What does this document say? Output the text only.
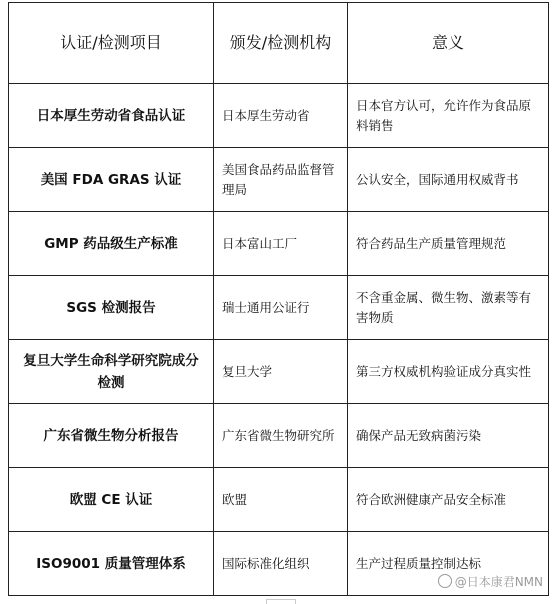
认证/检测项目	颁发/检测机构	意义
日本厚生劳动省食品认证	日本厚生劳动省	日本官方认可，允许作为食品原料销售
美国 FDA GRAS 认证	美国食品药品监督管理局	公认安全，国际通用权威背书
GMP 药品级生产标准	日本富山工厂	符合药品生产质量管理规范
SGS 检测报告	瑞士通用公证行	不含重金属、微生物、激素等有害物质
复旦大学生命科学研究院成分检测	复旦大学	第三方权威机构验证成分真实性
广东省微生物分析报告	广东省微生物研究所	确保产品无致病菌污染
欧盟 CE 认证	欧盟	符合欧洲健康产品安全标准
ISO9001 质量管理体系	国际标准化组织	生产过程质量控制达标
@日本康君NMN
